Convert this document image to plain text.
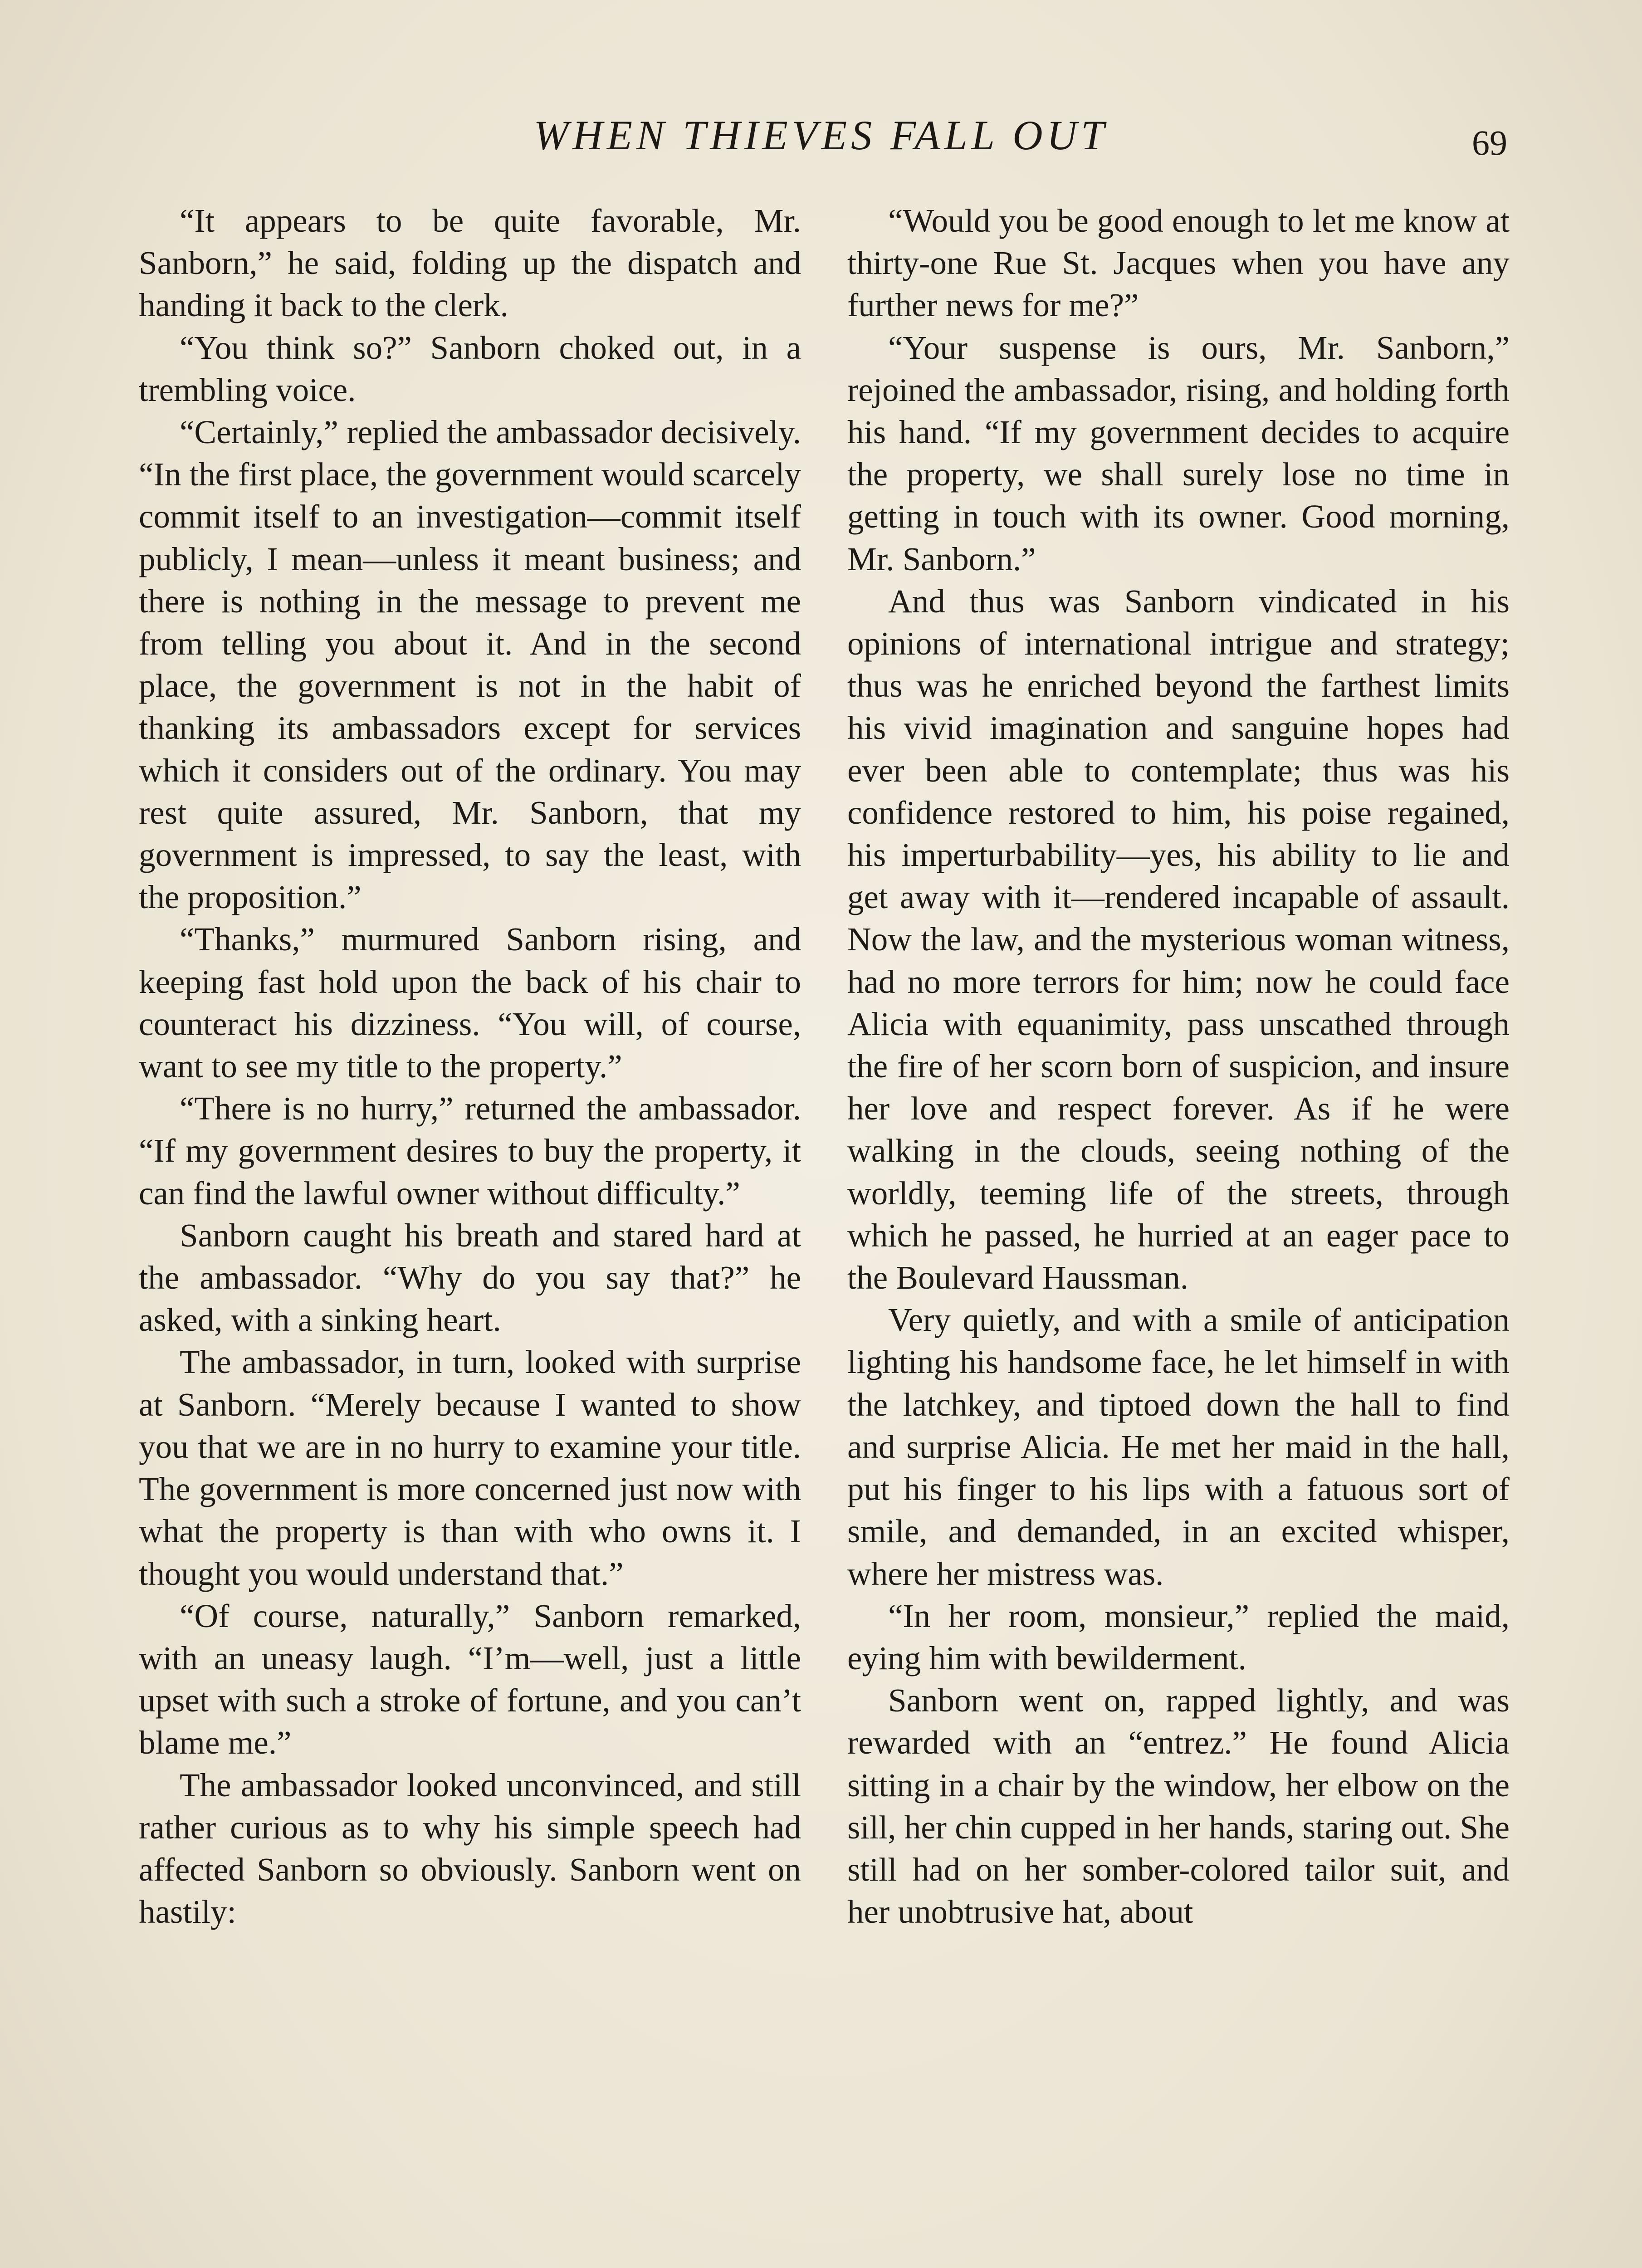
WHEN THIEVES FALL OUT	69

“It appears to be quite favorable, Mr. Sanborn,” he said, folding up the dispatch and handing it back to the clerk.

“You think so?” Sanborn choked out, in a trembling voice.

“Certainly,” replied the ambassador decisively. “In the first place, the government would scarcely commit itself to an investigation—commit itself publicly, I mean—unless it meant business; and there is nothing in the message to prevent me from telling you about it. And in the second place, the government is not in the habit of thanking its ambassadors except for services which it considers out of the ordinary. You may rest quite assured, Mr. Sanborn, that my government is impressed, to say the least, with the proposition.”

“Thanks,” murmured Sanborn rising, and keeping fast hold upon the back of his chair to counteract his dizziness. “You will, of course, want to see my title to the property.”

“There is no hurry,” returned the ambassador. “If my government desires to buy the property, it can find the lawful owner without difficulty.”

Sanborn caught his breath and stared hard at the ambassador. “Why do you say that?” he asked, with a sinking heart.

The ambassador, in turn, looked with surprise at Sanborn. “Merely because I wanted to show you that we are in no hurry to examine your title. The government is more concerned just now with what the property is than with who owns it. I thought you would understand that.”

“Of course, naturally,” Sanborn remarked, with an uneasy laugh. “I’m—well, just a little upset with such a stroke of fortune, and you can’t blame me.”

The ambassador looked unconvinced, and still rather curious as to why his simple speech had affected Sanborn so obviously. Sanborn went on hastily:

“Would you be good enough to let me know at thirty-one Rue St. Jacques when you have any further news for me?”

“Your suspense is ours, Mr. Sanborn,” rejoined the ambassador, rising, and holding forth his hand. “If my government decides to acquire the property, we shall surely lose no time in getting in touch with its owner. Good morning, Mr. Sanborn.”

And thus was Sanborn vindicated in his opinions of international intrigue and strategy; thus was he enriched beyond the farthest limits his vivid imagination and sanguine hopes had ever been able to contemplate; thus was his confidence restored to him, his poise regained, his imperturbability—yes, his ability to lie and get away with it—rendered incapable of assault. Now the law, and the mysterious woman witness, had no more terrors for him; now he could face Alicia with equanimity, pass unscathed through the fire of her scorn born of suspicion, and insure her love and respect forever. As if he were walking in the clouds, seeing nothing of the worldly, teeming life of the streets, through which he passed, he hurried at an eager pace to the Boulevard Haussman.

Very quietly, and with a smile of anticipation lighting his handsome face, he let himself in with the latchkey, and tiptoed down the hall to find and surprise Alicia. He met her maid in the hall, put his finger to his lips with a fatuous sort of smile, and demanded, in an excited whisper, where her mistress was.

“In her room, monsieur,” replied the maid, eying him with bewilderment.

Sanborn went on, rapped lightly, and was rewarded with an “entrez.” He found Alicia sitting in a chair by the window, her elbow on the sill, her chin cupped in her hands, staring out. She still had on her somber-colored tailor suit, and her unobtrusive hat, about
